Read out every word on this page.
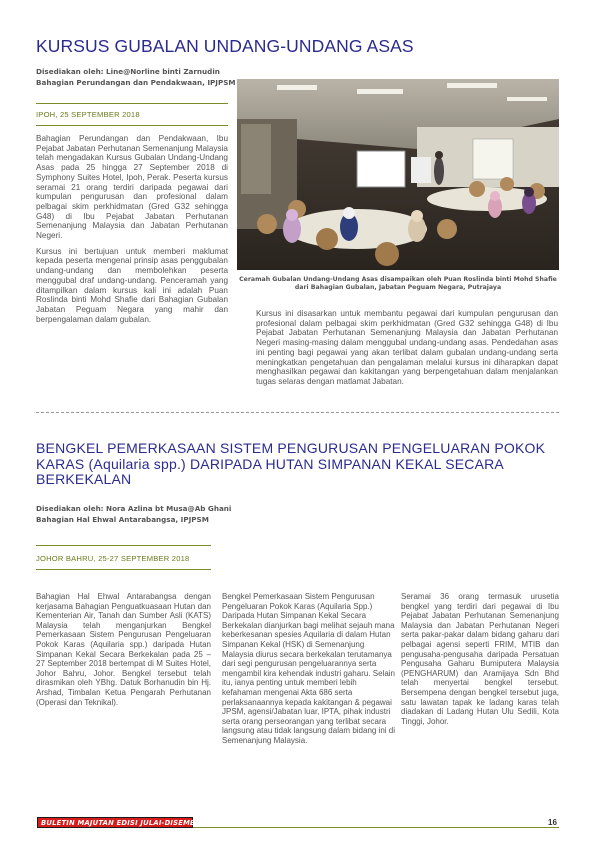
KURSUS GUBALAN UNDANG-UNDANG ASAS
Disediakan oleh: Line@Norline binti Zarnudin
Bahagian Perundangan dan Pendakwaan, IPJPSM
IPOH, 25 SEPTEMBER 2018

Bahagian Perundangan dan Pendakwaan, Ibu Pejabat Jabatan Perhutanan Semenanjung Malaysia telah mengadakan Kursus Gubalan Undang-Undang Asas pada 25 hingga 27 September 2018 di Symphony Suites Hotel, Ipoh, Perak. Peserta kursus seramai 21 orang terdiri daripada pegawai dari kumpulan pengurusan dan profesional dalam pelbagai skim perkhidmatan (Gred G32 sehingga G48) di Ibu Pejabat Jabatan Perhutanan Semenanjung Malaysia dan Jabatan Perhutanan Negeri.

Kursus ini bertujuan untuk memberi maklumat kepada peserta mengenai prinsip asas penggubalan undang-undang dan membolehkan peserta menggubal draf undang-undang. Penceramah yang ditampilkan dalam kursus kali ini adalah Puan Roslinda binti Mohd Shafie dari Bahagian Gubalan Jabatan Peguam Negara yang mahir dan berpengalaman dalam gubalan.

Ceramah Gubalan Undang-Undang Asas disampaikan oleh Puan Roslinda binti Mohd Shafie
dari Bahagian Gubalan, Jabatan Peguam Negara, Putrajaya
Kursus ini disasarkan untuk membantu pegawai dari kumpulan pengurusan dan profesional dalam pelbagai skim perkhidmatan (Gred G32 sehingga G48) di Ibu Pejabat Jabatan Perhutanan Semenanjung Malaysia dan Jabatan Perhutanan Negeri masing-masing dalam menggubal undang-undang asas. Pendedahan asas ini penting bagi pegawai yang akan terlibat dalam gubalan undang-undang serta meningkatkan pengetahuan dan pengalaman melalui kursus ini diharapkan dapat menghasilkan pegawai dan kakitangan yang berpengetahuan dalam menjalankan tugas selaras dengan matlamat Jabatan.
BENGKEL PEMERKASAAN SISTEM PENGURUSAN PENGELUARAN POKOK KARAS (Aquilaria spp.) DARIPADA HUTAN SIMPANAN KEKAL SECARA BERKEKALAN
Disediakan oleh: Nora Azlina bt Musa@Ab Ghani
Bahagian Hal Ehwal Antarabangsa, IPJPSM
JOHOR BAHRU, 25-27 SEPTEMBER 2018
Bahagian Hal Ehwal Antarabangsa dengan kerjasama Bahagian Penguatkuasaan Hutan dan Kementerian Air, Tanah dan Sumber Asli (KATS) Malaysia telah menganjurkan Bengkel Pemerkasaan Sistem Pengurusan Pengeluaran Pokok Karas (Aquilaria spp.) daripada Hutan Simpanan Kekal Secara Berkekalan pada 25 – 27 September 2018 bertempat di M Suites Hotel, Johor Bahru, Johor. Bengkel tersebut telah dirasmikan oleh YBhg. Datuk Borhanudin bin Hj. Arshad, Timbalan Ketua Pengarah Perhutanan (Operasi dan Teknikal).
Bengkel Pemerkasaan Sistem Pengurusan Pengeluaran Pokok Karas (Aquilaria Spp.) Daripada Hutan Simpanan Kekal Secara Berkekalan dianjurkan bagi melihat sejauh mana keberkesanan spesies Aquilaria di dalam Hutan Simpanan Kekal (HSK) di Semenanjung Malaysia diurus secara berkekalan terutamanya dari segi pengurusan pengeluarannya serta mengambil kira kehendak industri gaharu. Selain itu, ianya penting untuk memberi lebih kefahaman mengenai Akta 686 serta perlaksanaannya kepada kakitangan & pegawai JPSM, agensi/Jabatan luar, IPTA, pihak industri serta orang perseorangan yang terlibat secara langsung atau tidak langsung dalam bidang ini di Semenanjung Malaysia.
Seramai 36 orang termasuk urusetia bengkel yang terdiri dari pegawai di Ibu Pejabat Jabatan Perhutanan Semenanjung Malaysia dan Jabatan Perhutanan Negeri serta pakar-pakar dalam bidang gaharu dari pelbagai agensi seperti FRIM, MTIB dan pengusaha-pengusaha daripada Persatuan Pengusaha Gaharu Bumiputera Malaysia (PENGHARUM) dan Aramijaya Sdn Bhd telah menyertai bengkel tersebut. Bersempena dengan bengkel tersebut juga, satu lawatan tapak ke ladang karas telah diadakan di Ladang Hutan Ulu Sedili, Kota Tinggi, Johor.
BULETIN MAJUTAN EDISI JULAI-DISEMBER 2018	16
